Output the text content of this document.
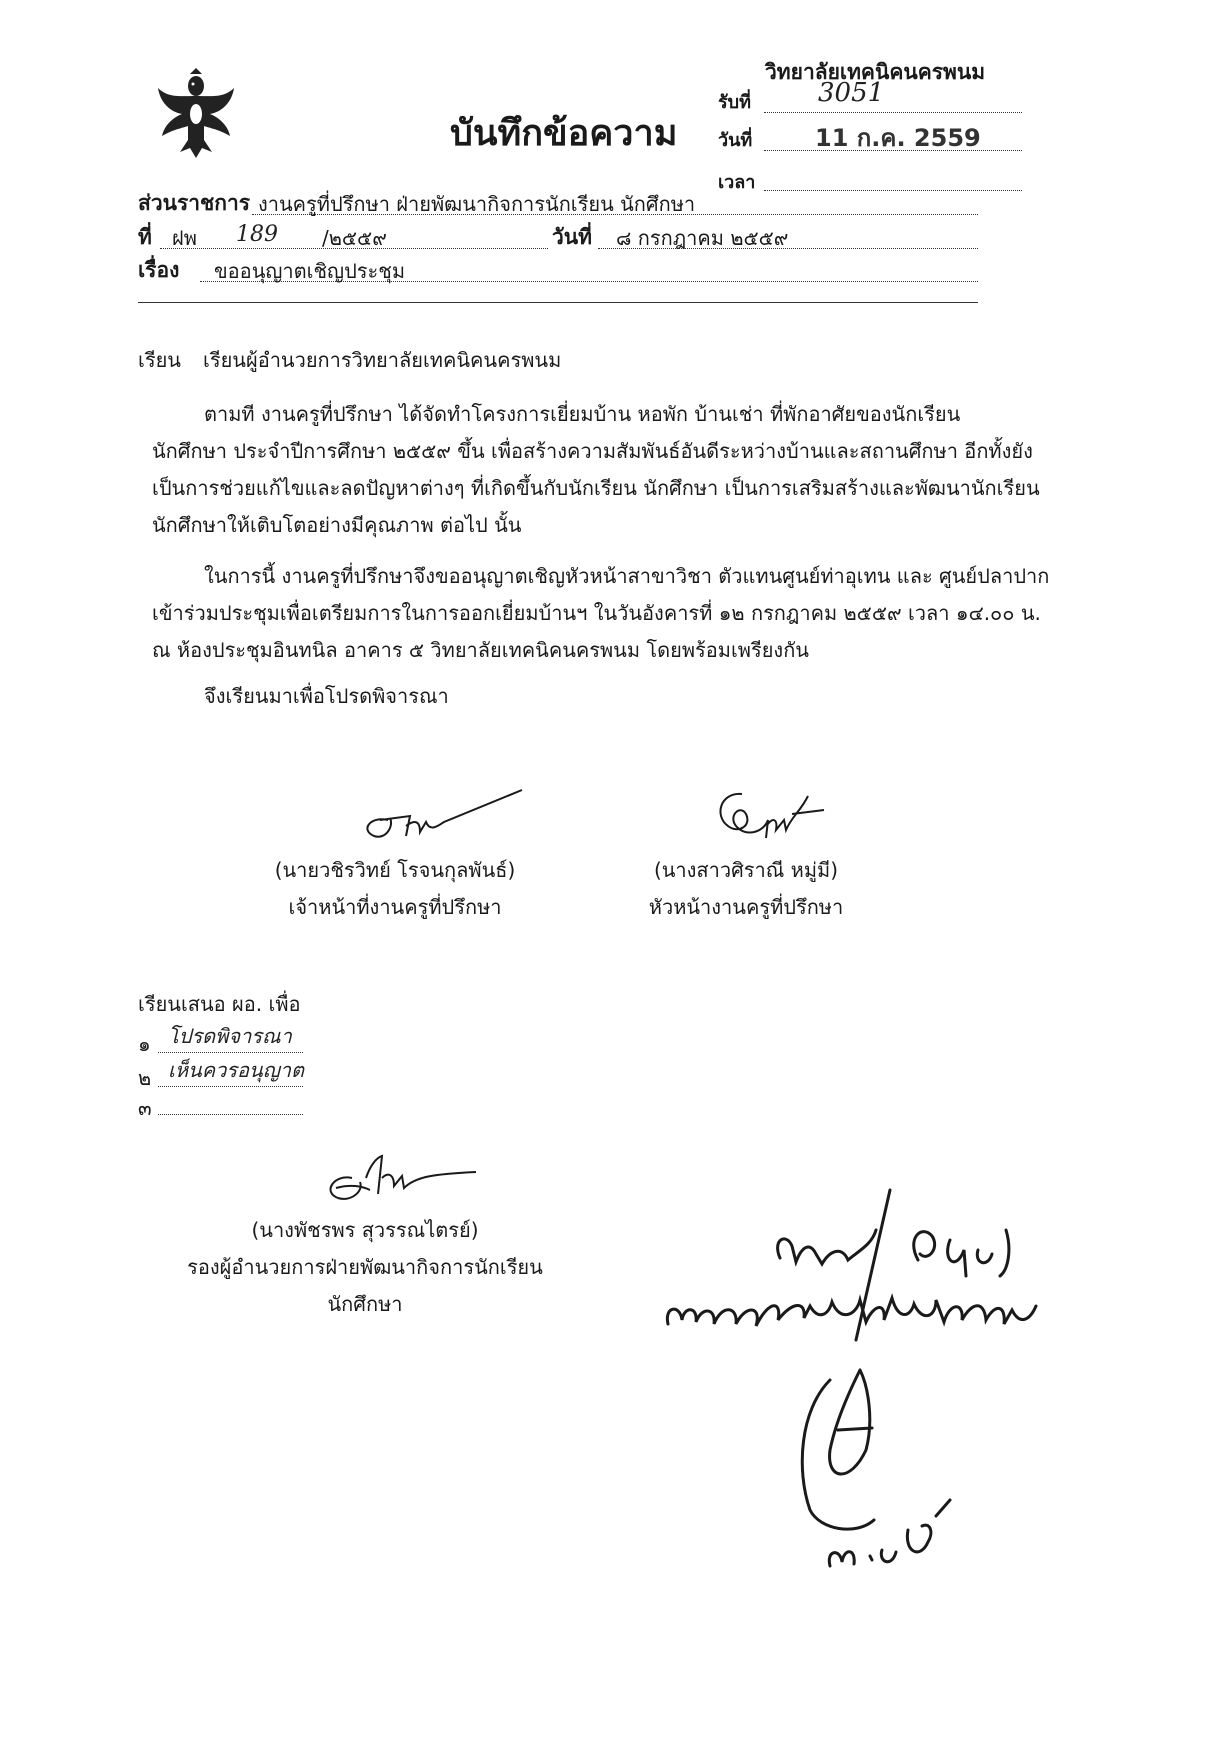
บันทึกข้อความ
วิทยาลัยเทคนิคนครพนม
รับที่	3051
วันที่	11 ก.ค. 2559
เวลา
ส่วนราชการ งานครูที่ปรึกษา ฝ่ายพัฒนากิจการนักเรียน นักศึกษา
ที่ ฝพ 189 /๒๕๕๙	วันที่ ๘ กรกฎาคม ๒๕๕๙
เรื่อง ขออนุญาตเชิญประชุม
เรียน เรียนผู้อำนวยการวิทยาลัยเทคนิคนครพนม
ตามที งานครูที่ปรึกษา ได้จัดทำโครงการเยี่ยมบ้าน หอพัก บ้านเช่า ที่พักอาศัยของนักเรียน
นักศึกษา ประจำปีการศึกษา ๒๕๕๙ ขึ้น เพื่อสร้างความสัมพันธ์อันดีระหว่างบ้านและสถานศึกษา อีกทั้งยัง
เป็นการช่วยแก้ไขและลดปัญหาต่างๆ ที่เกิดขึ้นกับนักเรียน นักศึกษา เป็นการเสริมสร้างและพัฒนานักเรียน
นักศึกษาให้เติบโตอย่างมีคุณภาพ ต่อไป นั้น
ในการนี้ งานครูที่ปรึกษาจึงขออนุญาตเชิญหัวหน้าสาขาวิชา ตัวแทนศูนย์ท่าอุเทน และ ศูนย์ปลาปาก
เข้าร่วมประชุมเพื่อเตรียมการในการออกเยี่ยมบ้านฯ ในวันอังคารที่ ๑๒ กรกฎาคม ๒๕๕๙ เวลา ๑๔.๐๐ น.
ณ ห้องประชุมอินทนิล อาคาร ๕ วิทยาลัยเทคนิคนครพนม โดยพร้อมเพรียงกัน
จึงเรียนมาเพื่อโปรดพิจารณา
(นายวชิรวิทย์ โรจนกุลพันธ์)
เจ้าหน้าที่งานครูที่ปรึกษา
(นางสาวศิราณี หมู่มี)
หัวหน้างานครูที่ปรึกษา
เรียนเสนอ ผอ. เพื่อ
๑ โปรดพิจารณา
๒ เห็นควรอนุญาต
๓
(นางพัชรพร สุวรรณไตรย์)
รองผู้อำนวยการฝ่ายพัฒนากิจการนักเรียน นักศึกษา
